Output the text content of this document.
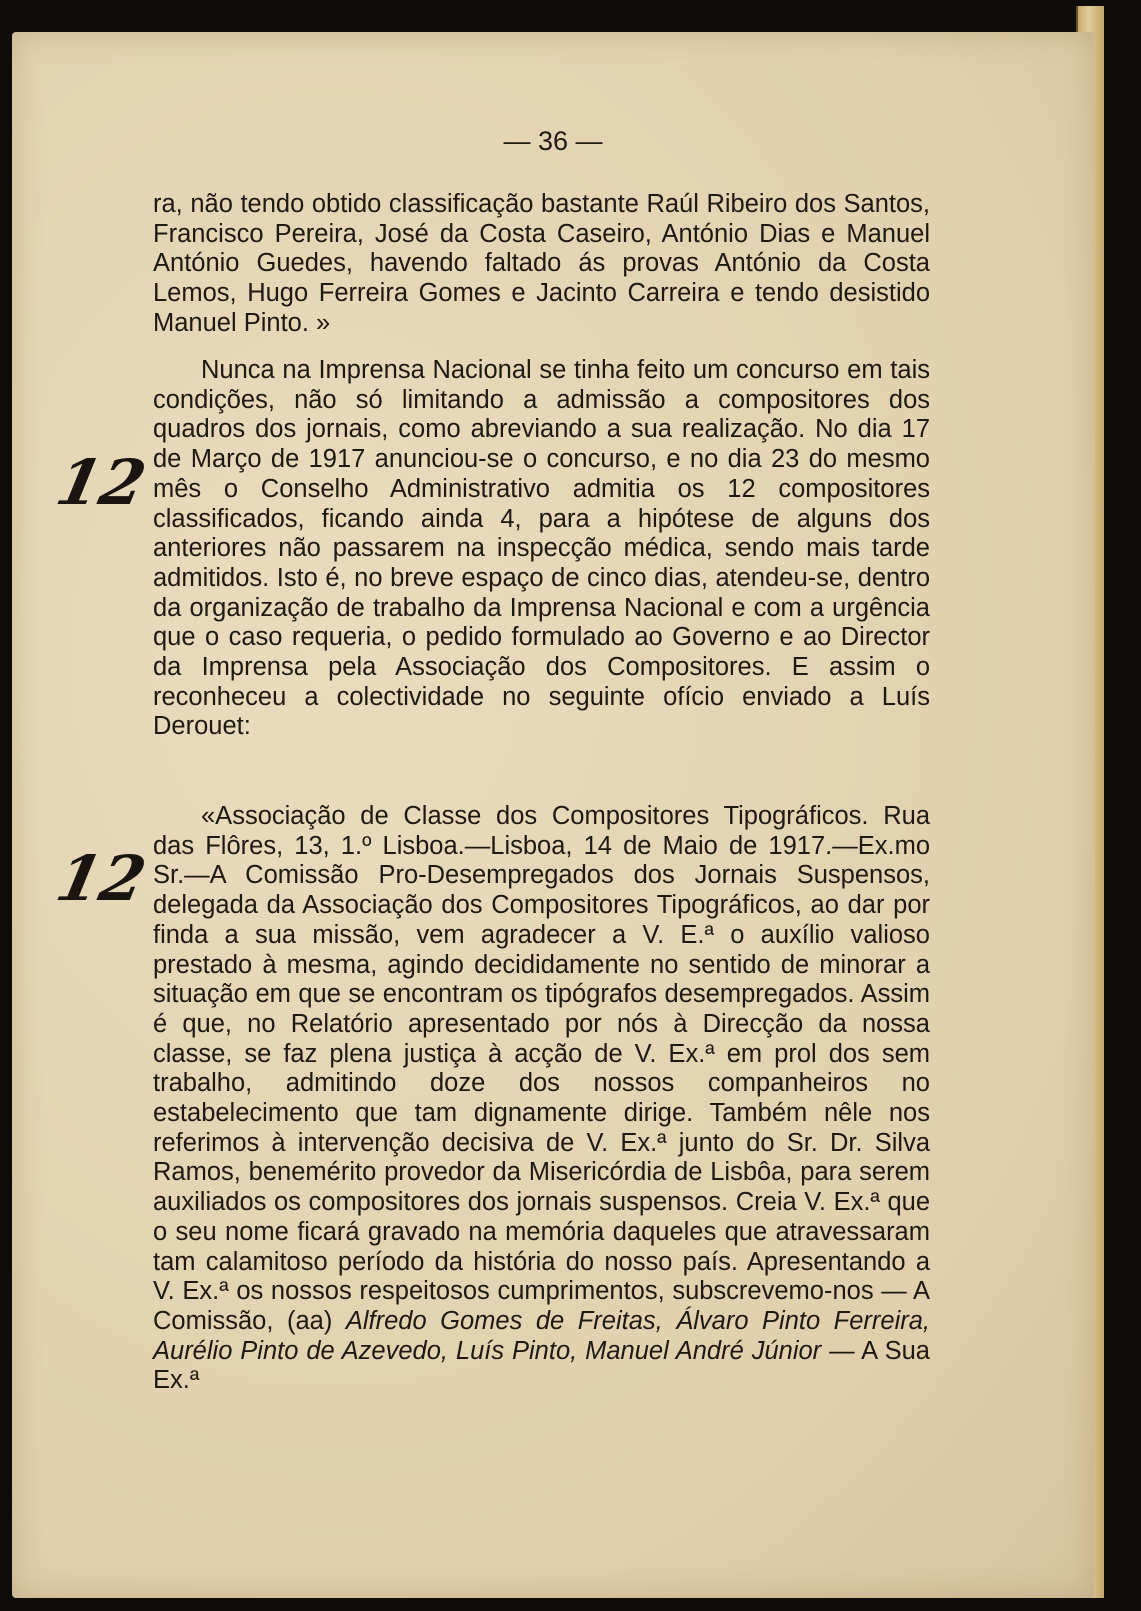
— 36 —
12
12
ra, não tendo obtido classificação bastante Raúl Ribeiro dos Santos, Francisco Pereira, José da Costa Caseiro, António Dias e Manuel António Guedes, havendo faltado ás provas António da Costa Lemos, Hugo Ferreira Gomes e Jacinto Carreira e tendo desistido Manuel Pinto. »
Nunca na Imprensa Nacional se tinha feito um concurso em tais condições, não só limitando a admissão a compositores dos quadros dos jornais, como abreviando a sua realização. No dia 17 de Março de 1917 anunciou-se o concurso, e no dia 23 do mesmo mês o Conselho Administrativo admitia os 12 compositores classificados, ficando ainda 4, para a hipótese de alguns dos anteriores não passarem na inspecção médica, sendo mais tarde admitidos. Isto é, no breve espaço de cinco dias, atendeu-se, dentro da organização de trabalho da Imprensa Nacional e com a urgência que o caso requeria, o pedido formulado ao Governo e ao Director da Imprensa pela Associação dos Compositores. E assim o reconheceu a colectividade no seguinte ofício enviado a Luís Derouet:
«Associação de Classe dos Compositores Tipográficos. Rua das Flôres, 13, 1.º Lisboa.—Lisboa, 14 de Maio de 1917.—Ex.mo Sr.—A Comissão Pro-Desempregados dos Jornais Suspensos, delegada da Associação dos Compositores Tipográficos, ao dar por finda a sua missão, vem agradecer a V. E.ª o auxílio valioso prestado à mesma, agindo decididamente no sentido de minorar a situação em que se encontram os tipógrafos desempregados. Assim é que, no Relatório apresentado por nós à Direcção da nossa classe, se faz plena justiça à acção de V. Ex.ª em prol dos sem trabalho, admitindo doze dos nossos companheiros no estabelecimento que tam dignamente dirige. Também nêle nos referimos à intervenção decisiva de V. Ex.ª junto do Sr. Dr. Silva Ramos, benemérito provedor da Misericórdia de Lisbôa, para serem auxiliados os compositores dos jornais suspensos. Creia V. Ex.ª que o seu nome ficará gravado na memória daqueles que atravessaram tam calamitoso período da história do nosso país. Apresentando a V. Ex.ª os nossos respeitosos cumprimentos, subscrevemo-nos — A Comissão, (aa) Alfredo Gomes de Freitas, Álvaro Pinto Ferreira, Aurélio Pinto de Azevedo, Luís Pinto, Manuel André Júnior — A Sua Ex.ª
